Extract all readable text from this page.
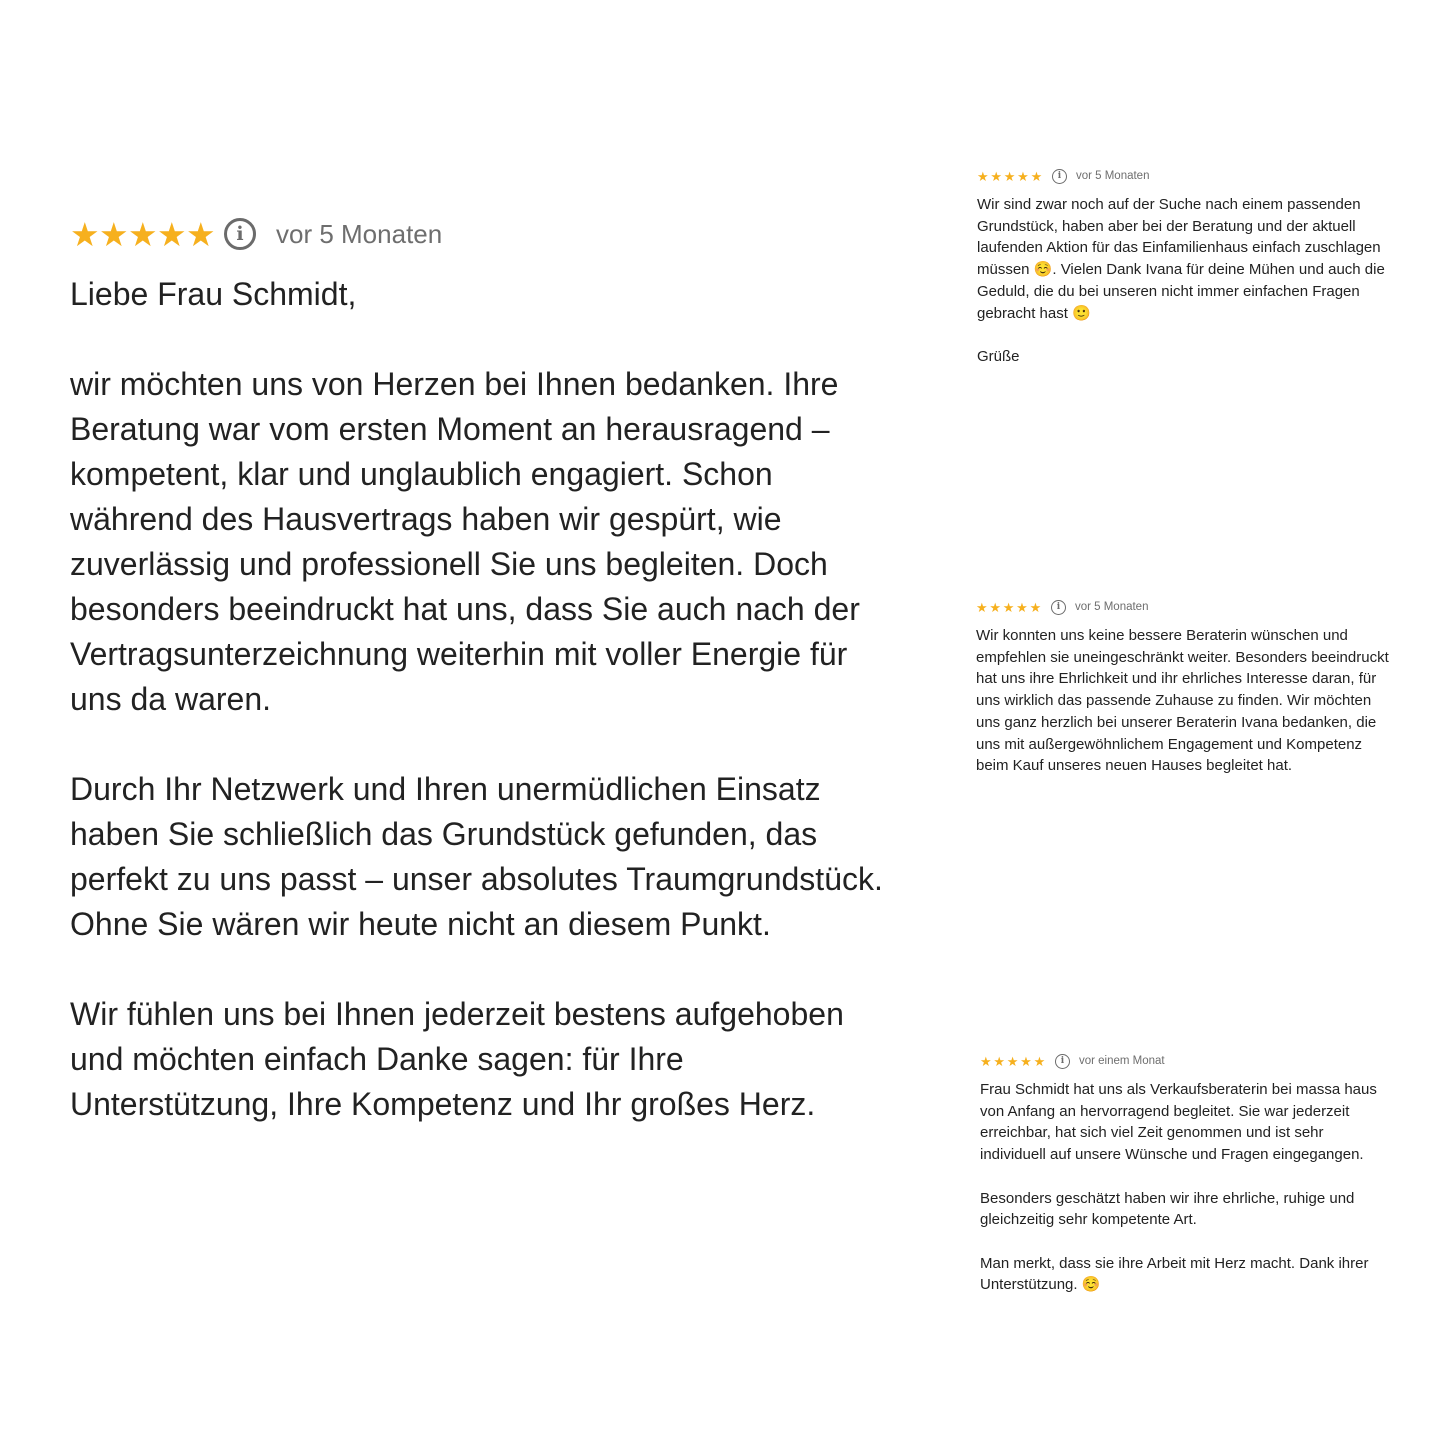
★ ★ ★ ★ ★	i	vor 5 Monaten

Liebe Frau Schmidt,

wir möchten uns von Herzen bei Ihnen bedanken. Ihre Beratung war vom ersten Moment an herausragend – kompetent, klar und unglaublich engagiert. Schon während des Hausvertrags haben wir gespürt, wie zuverlässig und professionell Sie uns begleiten. Doch besonders beeindruckt hat uns, dass Sie auch nach der Vertragsunterzeichnung weiterhin mit voller Energie für uns da waren.

Durch Ihr Netzwerk und Ihren unermüdlichen Einsatz haben Sie schließlich das Grundstück gefunden, das perfekt zu uns passt – unser absolutes Traumgrundstück. Ohne Sie wären wir heute nicht an diesem Punkt.

Wir fühlen uns bei Ihnen jederzeit bestens aufgehoben und möchten einfach Danke sagen: für Ihre Unterstützung, Ihre Kompetenz und Ihr großes Herz.

★ ★ ★ ★ ★	i	vor 5 Monaten

Wir sind zwar noch auf der Suche nach einem passenden Grundstück, haben aber bei der Beratung und der aktuell laufenden Aktion für das Einfamilienhaus einfach zuschlagen müssen ☺️. Vielen Dank Ivana für deine Mühen und auch die Geduld, die du bei unseren nicht immer einfachen Fragen gebracht hast 🙂

Grüße

★ ★ ★ ★ ★	i	vor 5 Monaten

Wir konnten uns keine bessere Beraterin wünschen und empfehlen sie uneingeschränkt weiter. Besonders beeindruckt hat uns ihre Ehrlichkeit und ihr ehrliches Interesse daran, für uns wirklich das passende Zuhause zu finden. Wir möchten uns ganz herzlich bei unserer Beraterin Ivana bedanken, die uns mit außergewöhnlichem Engagement und Kompetenz beim Kauf unseres neuen Hauses begleitet hat.

★ ★ ★ ★ ★	i	vor einem Monat

Frau Schmidt hat uns als Verkaufsberaterin bei massa haus von Anfang an hervorragend begleitet. Sie war jederzeit erreichbar, hat sich viel Zeit genommen und ist sehr individuell auf unsere Wünsche und Fragen eingegangen.

Besonders geschätzt haben wir ihre ehrliche, ruhige und gleichzeitig sehr kompetente Art.

Man merkt, dass sie ihre Arbeit mit Herz macht. Dank ihrer Unterstützung. ☺️
